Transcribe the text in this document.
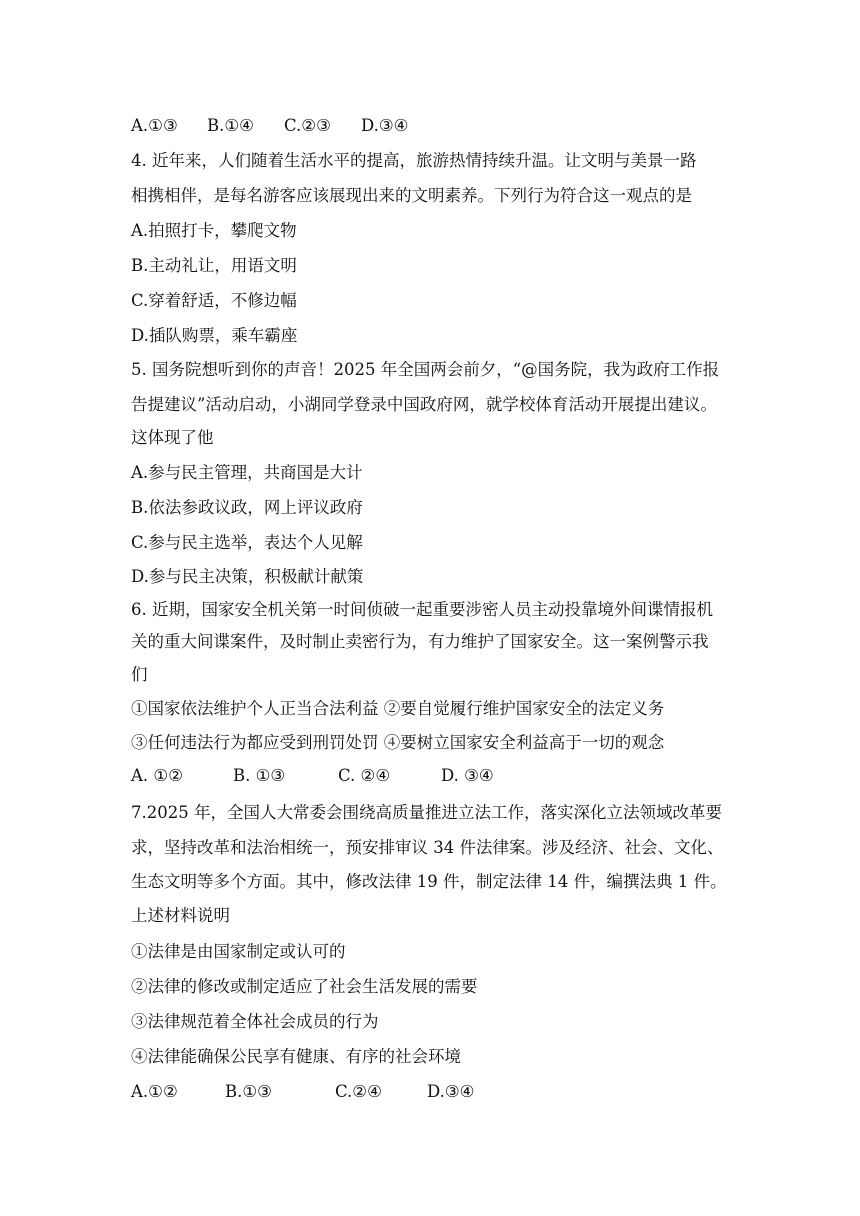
A.①③	B.①④	C.②③	D.③④
4. 近年来，人们随着生活水平的提高，旅游热情持续升温。让文明与美景一路
相携相伴，是每名游客应该展现出来的文明素养。下列行为符合这一观点的是
A.拍照打卡，攀爬文物
B.主动礼让，用语文明
C.穿着舒适，不修边幅
D.插队购票，乘车霸座
5. 国务院想听到你的声音！2025 年全国两会前夕，“@国务院，我为政府工作报
告提建议”活动启动，小湖同学登录中国政府网，就学校体育活动开展提出建议。
这体现了他
A.参与民主管理，共商国是大计
B.依法参政议政，网上评议政府
C.参与民主选举，表达个人见解
D.参与民主决策，积极献计献策
6. 近期，国家安全机关第一时间侦破一起重要涉密人员主动投靠境外间谍情报机
关的重大间谍案件，及时制止卖密行为，有力维护了国家安全。这一案例警示我
们
①国家依法维护个人正当合法利益 ②要自觉履行维护国家安全的法定义务
③任何违法行为都应受到刑罚处罚 ④要树立国家安全利益高于一切的观念
A. ①②	B. ①③	C. ②④	D. ③④
7.2025 年，全国人大常委会围绕高质量推进立法工作，落实深化立法领域改革要
求，坚持改革和法治相统一，预安排审议 34 件法律案。涉及经济、社会、文化、
生态文明等多个方面。其中，修改法律 19 件，制定法律 14 件，编撰法典 1 件。
上述材料说明
①法律是由国家制定或认可的
②法律的修改或制定适应了社会生活发展的需要
③法律规范着全体社会成员的行为
④法律能确保公民享有健康、有序的社会环境
A.①②	B.①③	C.②④	D.③④
